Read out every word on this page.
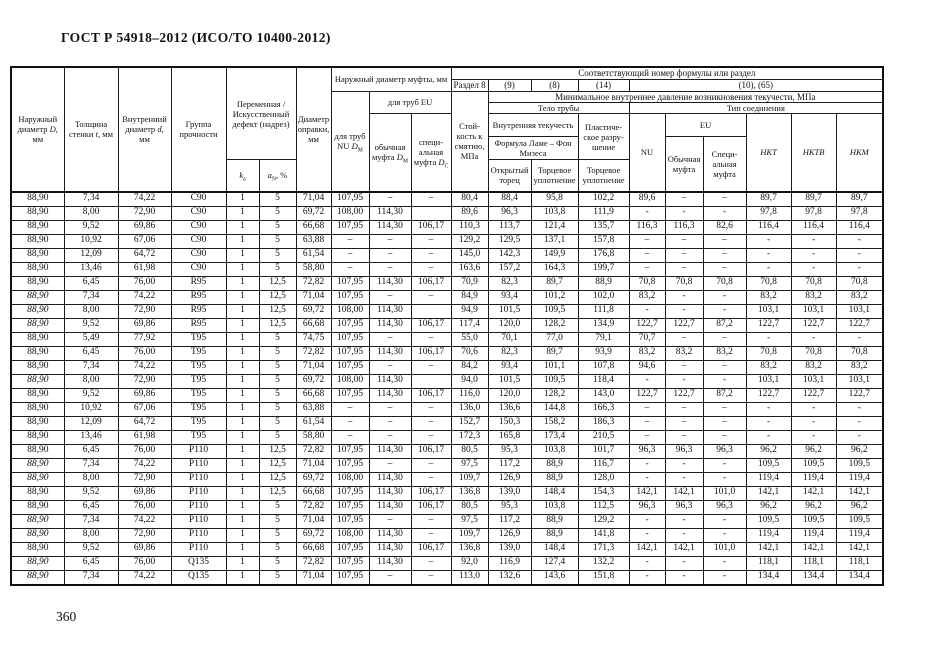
ГОСТ Р 54918–2012 (ИСО/ТО 10400-2012)
Наружный диаметр D, мм	Толщина стенки t, мм	Внутренний диаметр d, мм	Группа прочности	Переменная /Искусственный дефект (надрез)		Диаметр оправки, мм	Наружный диаметр муфты, мм			Соответствующий номер формулы или раздел									
										Раздел 8	(9)	(8)	(14)	(10), (65)					
							для труб NU $D_М$	для труб EU		Стойкость к смятию, МПа	Минимальное внутреннее давление возникновения текучести, МПа								
											Тело трубы			Тип соединения					
								обычная муфта $D_М$	специальная муфта $D_С$		Внутренняя текучесть		Пластическое разрушение	NU	EU		НКТ	НКТВ	НКМ
											Формула Ламе – Фон Мизеса				Обычная муфта	Специальная муфта			
				$k_а$	$a_N$, %						Открытый торец	Торцевое уплотнение	Торцевое уплотнение						
88,90	7,34	74,22	C90	1	5	71,04	107,95	–	–	80,4	88,4	95,8	102,2	89,6	–	–	89,7	89,7	89,7
88,90	8,00	72,90	C90	1	5	69,72	108,00	114,30		89,6	96,3	103,8	111,9	-	-	-	97,8	97,8	97,8
88,90	9,52	69,86	C90	1	5	66,68	107,95	114,30	106,17	110,3	113,7	121,4	135,7	116,3	116,3	82,6	116,4	116,4	116,4
88,90	10,92	67,06	C90	1	5	63,88	–	–	–	129,2	129,5	137,1	157,8	–	–	–	-	-	-
88,90	12,09	64,72	C90	1	5	61,54	–	–	–	145,0	142,3	149,9	176,8	–	–	–	-	-	-
88,90	13,46	61,98	C90	1	5	58,80	–	–	–	163,6	157,2	164,3	199,7	–	–	–	-	-	-
88,90	6,45	76,00	R95	1	12,5	72,82	107,95	114,30	106,17	70,9	82,3	89,7	88,9	70,8	70,8	70,8	70,8	70,8	70,8
88,90	7,34	74,22	R95	1	12,5	71,04	107,95	–	–	84,9	93,4	101,2	102,0	83,2	-	-	83,2	83,2	83,2
88,90	8,00	72,90	R95	1	12,5	69,72	108,00	114,30		94,9	101,5	109,5	111,8	-	-	-	103,1	103,1	103,1
88,90	9,52	69,86	R95	1	12,5	66,68	107,95	114,30	106,17	117,4	120,0	128,2	134,9	122,7	122,7	87,2	122,7	122,7	122,7
88,90	5,49	77,92	T95	1	5	74,75	107,95	–	–	55,0	70,1	77,0	79,1	70,7	–	–	-	-	-
88,90	6,45	76,00	T95	1	5	72,82	107,95	114,30	106,17	70,6	82,3	89,7	93,9	83,2	83,2	83,2	70,8	70,8	70,8
88,90	7,34	74,22	T95	1	5	71,04	107,95	–	–	84,2	93,4	101,1	107,8	94,6	–	–	83,2	83,2	83,2
88,90	8,00	72,90	T95	1	5	69,72	108,00	114,30		94,0	101,5	109,5	118,4	-	-	-	103,1	103,1	103,1
88,90	9,52	69,86	T95	1	5	66,68	107,95	114,30	106,17	116,0	120,0	128,2	143,0	122,7	122,7	87,2	122,7	122,7	122,7
88,90	10,92	67,06	T95	1	5	63,88	–	–	–	136,0	136,6	144,8	166,3	–	–	–	-	-	-
88,90	12,09	64,72	T95	1	5	61,54	–	–	–	152,7	150,3	158,2	186,3	–	–	–	-	-	-
88,90	13,46	61,98	T95	1	5	58,80	–	–	–	172,3	165,8	173,4	210,5	–	–	–	-	-	-
88,90	6,45	76,00	P110	1	12,5	72,82	107,95	114,30	106,17	80,5	95,3	103,8	101,7	96,3	96,3	96,3	96,2	96,2	96,2
88,90	7,34	74,22	P110	1	12,5	71,04	107,95	–	–	97,5	117,2	88,9	116,7	-	-	-	109,5	109,5	109,5
88,90	8,00	72,90	P110	1	12,5	69,72	108,00	114,30	–	109,7	126,9	88,9	128,0	-	-	-	119,4	119,4	119,4
88,90	9,52	69,86	P110	1	12,5	66,68	107,95	114,30	106,17	136,8	139,0	148,4	154,3	142,1	142,1	101,0	142,1	142,1	142,1
88,90	6,45	76,00	P110	1	5	72,82	107,95	114,30	106,17	80,5	95,3	103,8	112,5	96,3	96,3	96,3	96,2	96,2	96,2
88,90	7,34	74,22	P110	1	5	71,04	107,95	–	–	97,5	117,2	88,9	129,2	-	-	-	109,5	109,5	109,5
88,90	8,00	72,90	P110	1	5	69,72	108,00	114,30	–	109,7	126,9	88,9	141,8	-	-	-	119,4	119,4	119,4
88,90	9,52	69,86	P110	1	5	66,68	107,95	114,30	106,17	136,8	139,0	148,4	171,3	142,1	142,1	101,0	142,1	142,1	142,1
88,90	6,45	76,00	Q135	1	5	72,82	107,95	114,30	–	92,0	116,9	127,4	132,2	-	-	-	118,1	118,1	118,1
88,90	7,34	74,22	Q135	1	5	71,04	107,95	–	–	113,0	132,6	143,6	151,8	-	-	-	134,4	134,4	134,4
360
